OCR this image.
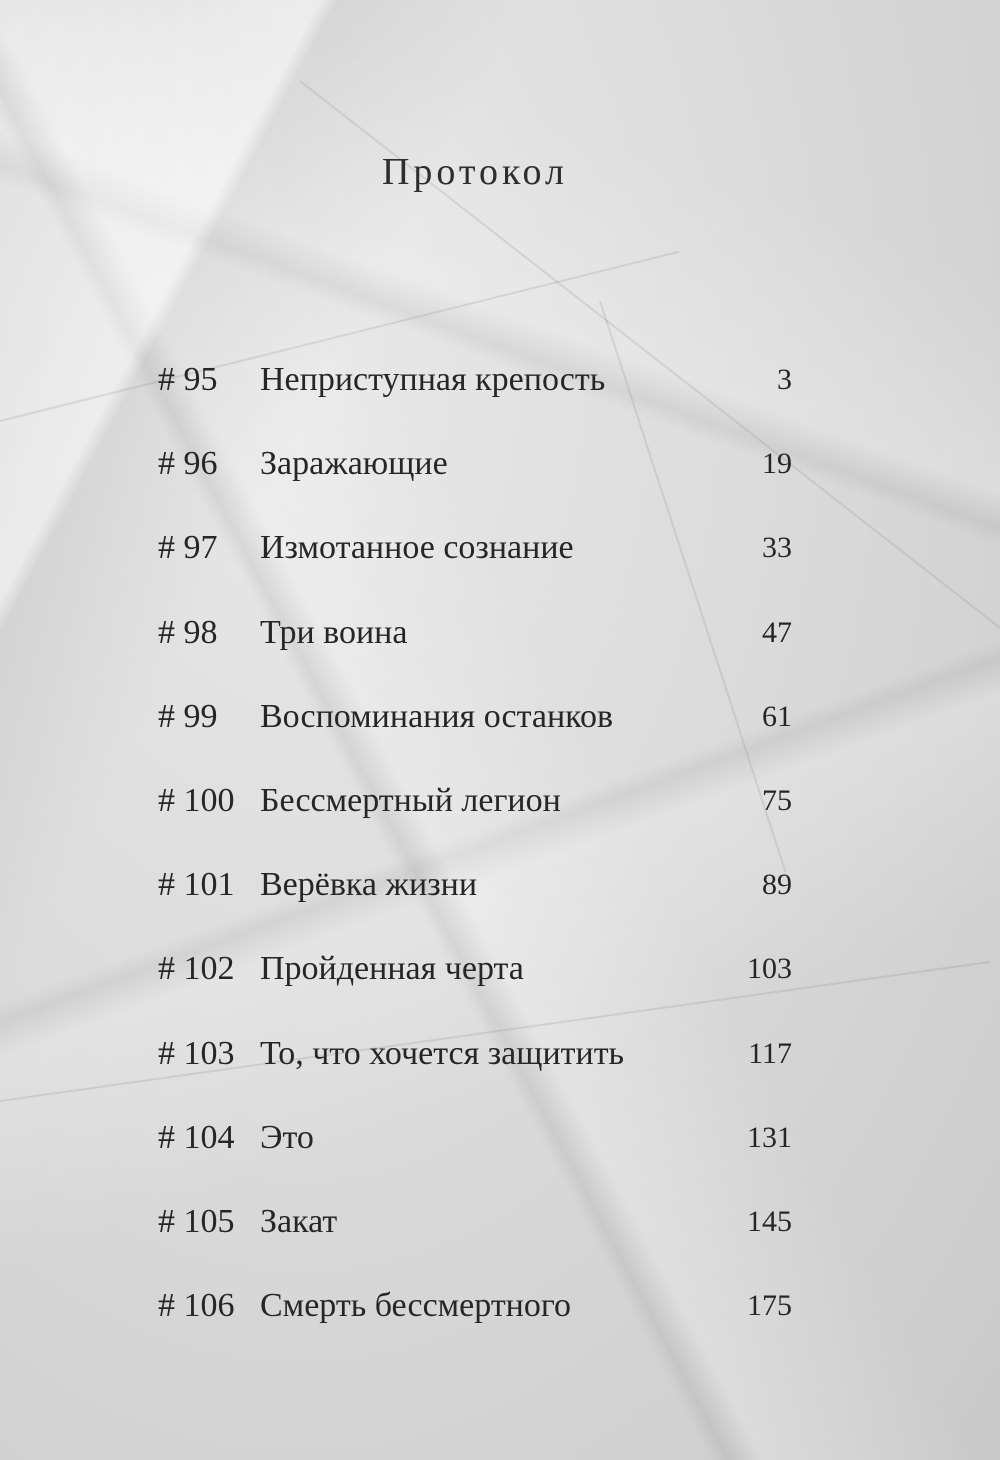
Протокол
# 95 Неприступная крепость	3
# 96 Заражающие	19
# 97 Измотанное сознание	33
# 98 Три воина	47
# 99 Воспоминания останков	61
# 100 Бессмертный легион	75
# 101 Верёвка жизни	89
# 102 Пройденная черта	103
# 103 То, что хочется защитить	117
# 104 Это	131
# 105 Закат	145
# 106 Смерть бессмертного	175
